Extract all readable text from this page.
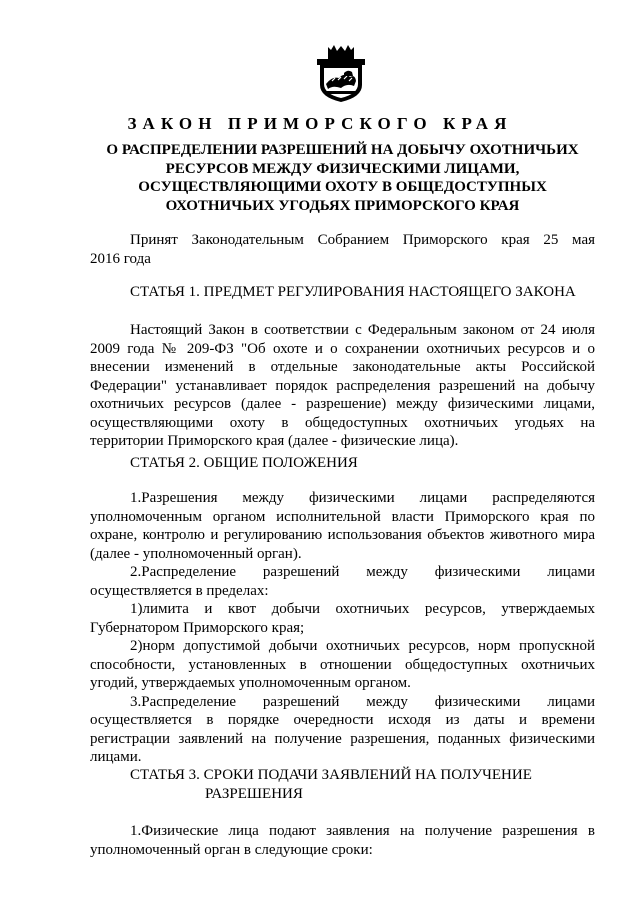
ЗАКОН ПРИМОРСКОГО КРАЯ
О РАСПРЕДЕЛЕНИИ РАЗРЕШЕНИЙ НА ДОБЫЧУ ОХОТНИЧЬИХ
РЕСУРСОВ МЕЖДУ ФИЗИЧЕСКИМИ ЛИЦАМИ,
ОСУЩЕСТВЛЯЮЩИМИ ОХОТУ В ОБЩЕДОСТУПНЫХ
ОХОТНИЧЬИХ УГОДЬЯХ ПРИМОРСКОГО КРАЯ
Принят Законодательным Собранием Приморского края 25 мая
2016 года
СТАТЬЯ 1. ПРЕДМЕТ РЕГУЛИРОВАНИЯ НАСТОЯЩЕГО ЗАКОНА
Настоящий Закон в соответствии с Федеральным законом от 24 июля
2009 года № 209-ФЗ "Об охоте и о сохранении охотничьих ресурсов и о
внесении изменений в отдельные законодательные акты Российской
Федерации" устанавливает порядок распределения разрешений на добычу
охотничьих ресурсов (далее - разрешение) между физическими лицами,
осуществляющими охоту в общедоступных охотничьих угодьях на
территории Приморского края (далее - физические лица).
СТАТЬЯ 2. ОБЩИЕ ПОЛОЖЕНИЯ
1.Разрешения между физическими лицами распределяются
уполномоченным органом исполнительной власти Приморского края по
охране, контролю и регулированию использования объектов животного мира
(далее - уполномоченный орган).
2.Распределение разрешений между физическими лицами
осуществляется в пределах:
1)лимита и квот добычи охотничьих ресурсов, утверждаемых
Губернатором Приморского края;
2)норм допустимой добычи охотничьих ресурсов, норм пропускной
способности, установленных в отношении общедоступных охотничьих
угодий, утверждаемых уполномоченным органом.
3.Распределение разрешений между физическими лицами
осуществляется в порядке очередности исходя из даты и времени
регистрации заявлений на получение разрешения, поданных физическими
лицами.
СТАТЬЯ 3. СРОКИ ПОДАЧИ ЗАЯВЛЕНИЙ НА ПОЛУЧЕНИЕ
РАЗРЕШЕНИЯ
1.Физические лица подают заявления на получение разрешения в
уполномоченный орган в следующие сроки:
